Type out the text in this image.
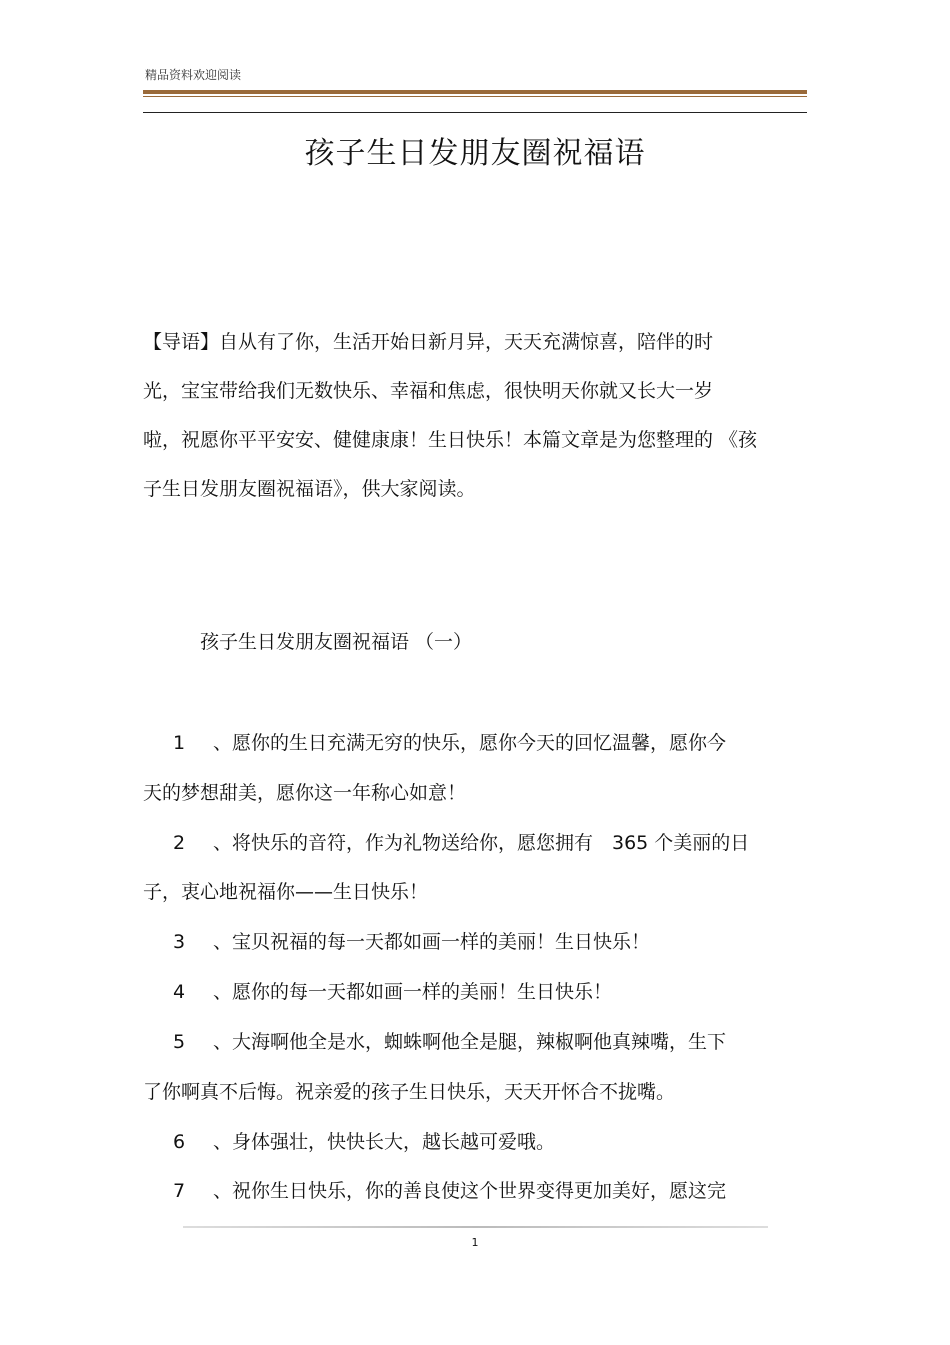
精品资料欢迎阅读
孩子生日发朋友圈祝福语

【导语】自从有了你，生活开始日新月异，天天充满惊喜，陪伴的时

光，宝宝带给我们无数快乐、幸福和焦虑，很快明天你就又长大一岁

啦，祝愿你平平安安、健健康康！生日快乐！本篇文章是为您整理的 《孩

子生日发朋友圈祝福语》，供大家阅读。

孩子生日发朋友圈祝福语 （一）
1 、愿你的生日充满无穷的快乐，愿你今天的回忆温馨，愿你今
天的梦想甜美，愿你这一年称心如意！
2 、将快乐的音符，作为礼物送给你，愿您拥有　365 个美丽的日
子，衷心地祝福你——生日快乐！
3 、宝贝祝福的每一天都如画一样的美丽！生日快乐！
4 、愿你的每一天都如画一样的美丽！生日快乐！
5 、大海啊他全是水，蜘蛛啊他全是腿，辣椒啊他真辣嘴，生下
了你啊真不后悔。祝亲爱的孩子生日快乐，天天开怀合不拢嘴。
6 、身体强壮，快快长大，越长越可爱哦。
7 、祝你生日快乐，你的善良使这个世界变得更加美好，愿这完
1
